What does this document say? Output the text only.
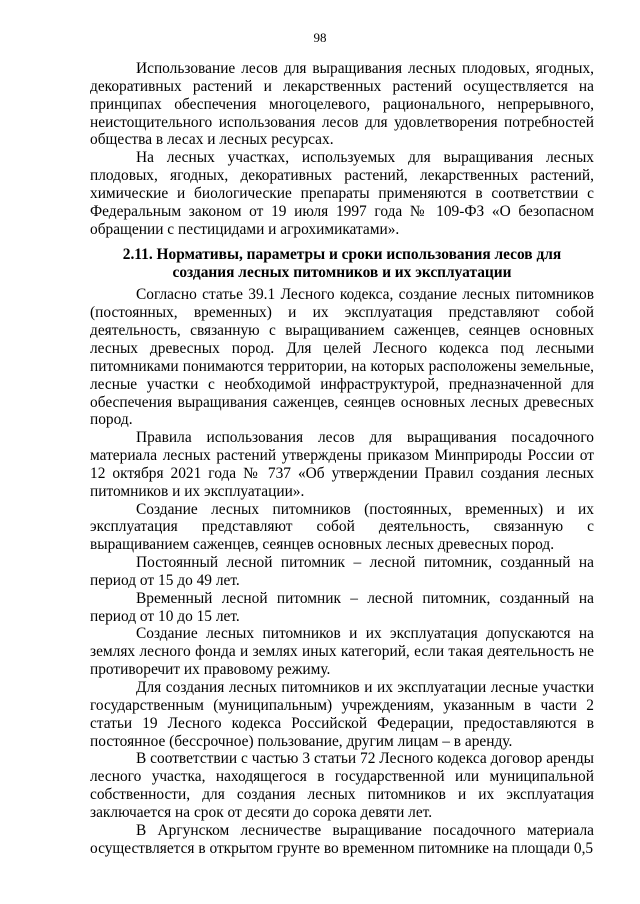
98

Использование лесов для выращивания лесных плодовых, ягодных, декоративных растений и лекарственных растений осуществляется на принципах обеспечения многоцелевого, рационального, непрерывного, неистощительного использования лесов для удовлетворения потребностей общества в лесах и лесных ресурсах.

На лесных участках, используемых для выращивания лесных плодовых, ягодных, декоративных растений, лекарственных растений, химические и биологические препараты применяются в соответствии с Федеральным законом от 19 июля 1997 года № 109-ФЗ «О безопасном обращении с пестицидами и агрохимикатами».

2.11. Нормативы, параметры и сроки использования лесов для создания лесных питомников и их эксплуатации

Согласно статье 39.1 Лесного кодекса, создание лесных питомников (постоянных, временных) и их эксплуатация представляют собой деятельность, связанную с выращиванием саженцев, сеянцев основных лесных древесных пород. Для целей Лесного кодекса под лесными питомниками понимаются территории, на которых расположены земельные, лесные участки с необходимой инфраструктурой, предназначенной для обеспечения выращивания саженцев, сеянцев основных лесных древесных пород.

Правила использования лесов для выращивания посадочного материала лесных растений утверждены приказом Минприроды России от 12 октября 2021 года № 737 «Об утверждении Правил создания лесных питомников и их эксплуатации».

Создание лесных питомников (постоянных, временных) и их эксплуатация представляют собой деятельность, связанную с выращиванием саженцев, сеянцев основных лесных древесных пород.

Постоянный лесной питомник – лесной питомник, созданный на период от 15 до 49 лет.

Временный лесной питомник – лесной питомник, созданный на период от 10 до 15 лет.

Создание лесных питомников и их эксплуатация допускаются на землях лесного фонда и землях иных категорий, если такая деятельность не противоречит их правовому режиму.

Для создания лесных питомников и их эксплуатации лесные участки государственным (муниципальным) учреждениям, указанным в части 2 статьи 19 Лесного кодекса Российской Федерации, предоставляются в постоянное (бессрочное) пользование, другим лицам – в аренду.

В соответствии с частью 3 статьи 72 Лесного кодекса договор аренды лесного участка, находящегося в государственной или муниципальной собственности, для создания лесных питомников и их эксплуатация заключается на срок от десяти до сорока девяти лет.

В Аргунском лесничестве выращивание посадочного материала осуществляется в открытом грунте во временном питомнике на площади 0,5
